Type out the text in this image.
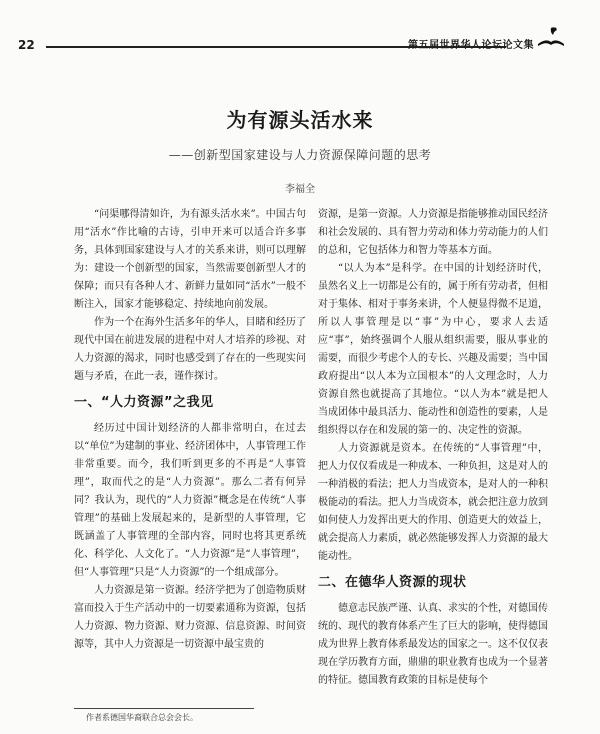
22	第五届世界华人论坛论文集
为有源头活水来
——创新型国家建设与人力资源保障问题的思考
李福全

“问渠哪得清如许，为有源头活水来”。中国古句用“活水”作比喻的古诗，引申开来可以适合许多事务，具体到国家建设与人才的关系来讲，则可以理解为：建设一个创新型的国家，当然需要创新型人才的保障；而只有各种人才、新鲜力量如同“活水”一般不断注入，国家才能够稳定、持续地向前发展。

作为一个在海外生活多年的华人，目睹和经历了现代中国在前进发展的进程中对人才培养的珍视、对人力资源的渴求，同时也感受到了存在的一些现实问题与矛盾，在此一表，谨作探讨。

一、“人力资源”之我见

经历过中国计划经济的人都非常明白，在过去以“单位”为建制的事业、经济团体中，人事管理工作非常重要。而今，我们听到更多的不再是“人事管理”，取而代之的是“人力资源”。那么二者有何异同？我认为，现代的“人力资源”概念是在传统“人事管理”的基础上发展起来的，是新型的人事管理，它既涵盖了人事管理的全部内容，同时也将其更系统化、科学化、人文化了。“人力资源”是“人事管理”，但“人事管理”只是“人力资源”的一个组成部分。

人力资源是第一资源。经济学把为了创造物质财富而投入于生产活动中的一切要素通称为资源，包括人力资源、物力资源、财力资源、信息资源、时间资源等，其中人力资源是一切资源中最宝贵的

资源，是第一资源。人力资源是指能够推动国民经济和社会发展的、具有智力劳动和体力劳动能力的人们的总和，它包括体力和智力等基本方面。

“以人为本”是科学。在中国的计划经济时代，虽然名义上一切都是公有的，属于所有劳动者，但相对于集体、相对于事务来讲，个人便显得微不足道，所以人事管理是以“事”为中心，要求人去适应“事”，始终强调个人服从组织需要，服从事业的需要，而很少考虑个人的专长、兴趣及需要；当中国政府提出“以人本为立国根本”的人文理念时，人力资源自然也就提高了其地位。“以人为本”就是把人当成团体中最具活力、能动性和创造性的要素，人是组织得以存在和发展的第一的、决定性的资源。

人力资源就是资本。在传统的“人事管理”中，把人力仅仅看成是一种成本、一种负担，这是对人的一种消极的看法；把人力当成资本，是对人的一种积极能动的看法。把人力当成资本，就会把注意力放到如何使人力发挥出更大的作用、创造更大的效益上，就会提高人力素质，就必然能够发挥人力资源的最大能动性。

二、在德华人资源的现状

德意志民族严谨、认真、求实的个性，对德国传统的、现代的教育体系产生了巨大的影响，使得德国成为世界上教育体系最发达的国家之一。这不仅仅表现在学历教育方面，鼎鼎的职业教育也成为一个显著的特征。德国教育政策的目标是使每个

作者系德国华裔联合总会会长。
